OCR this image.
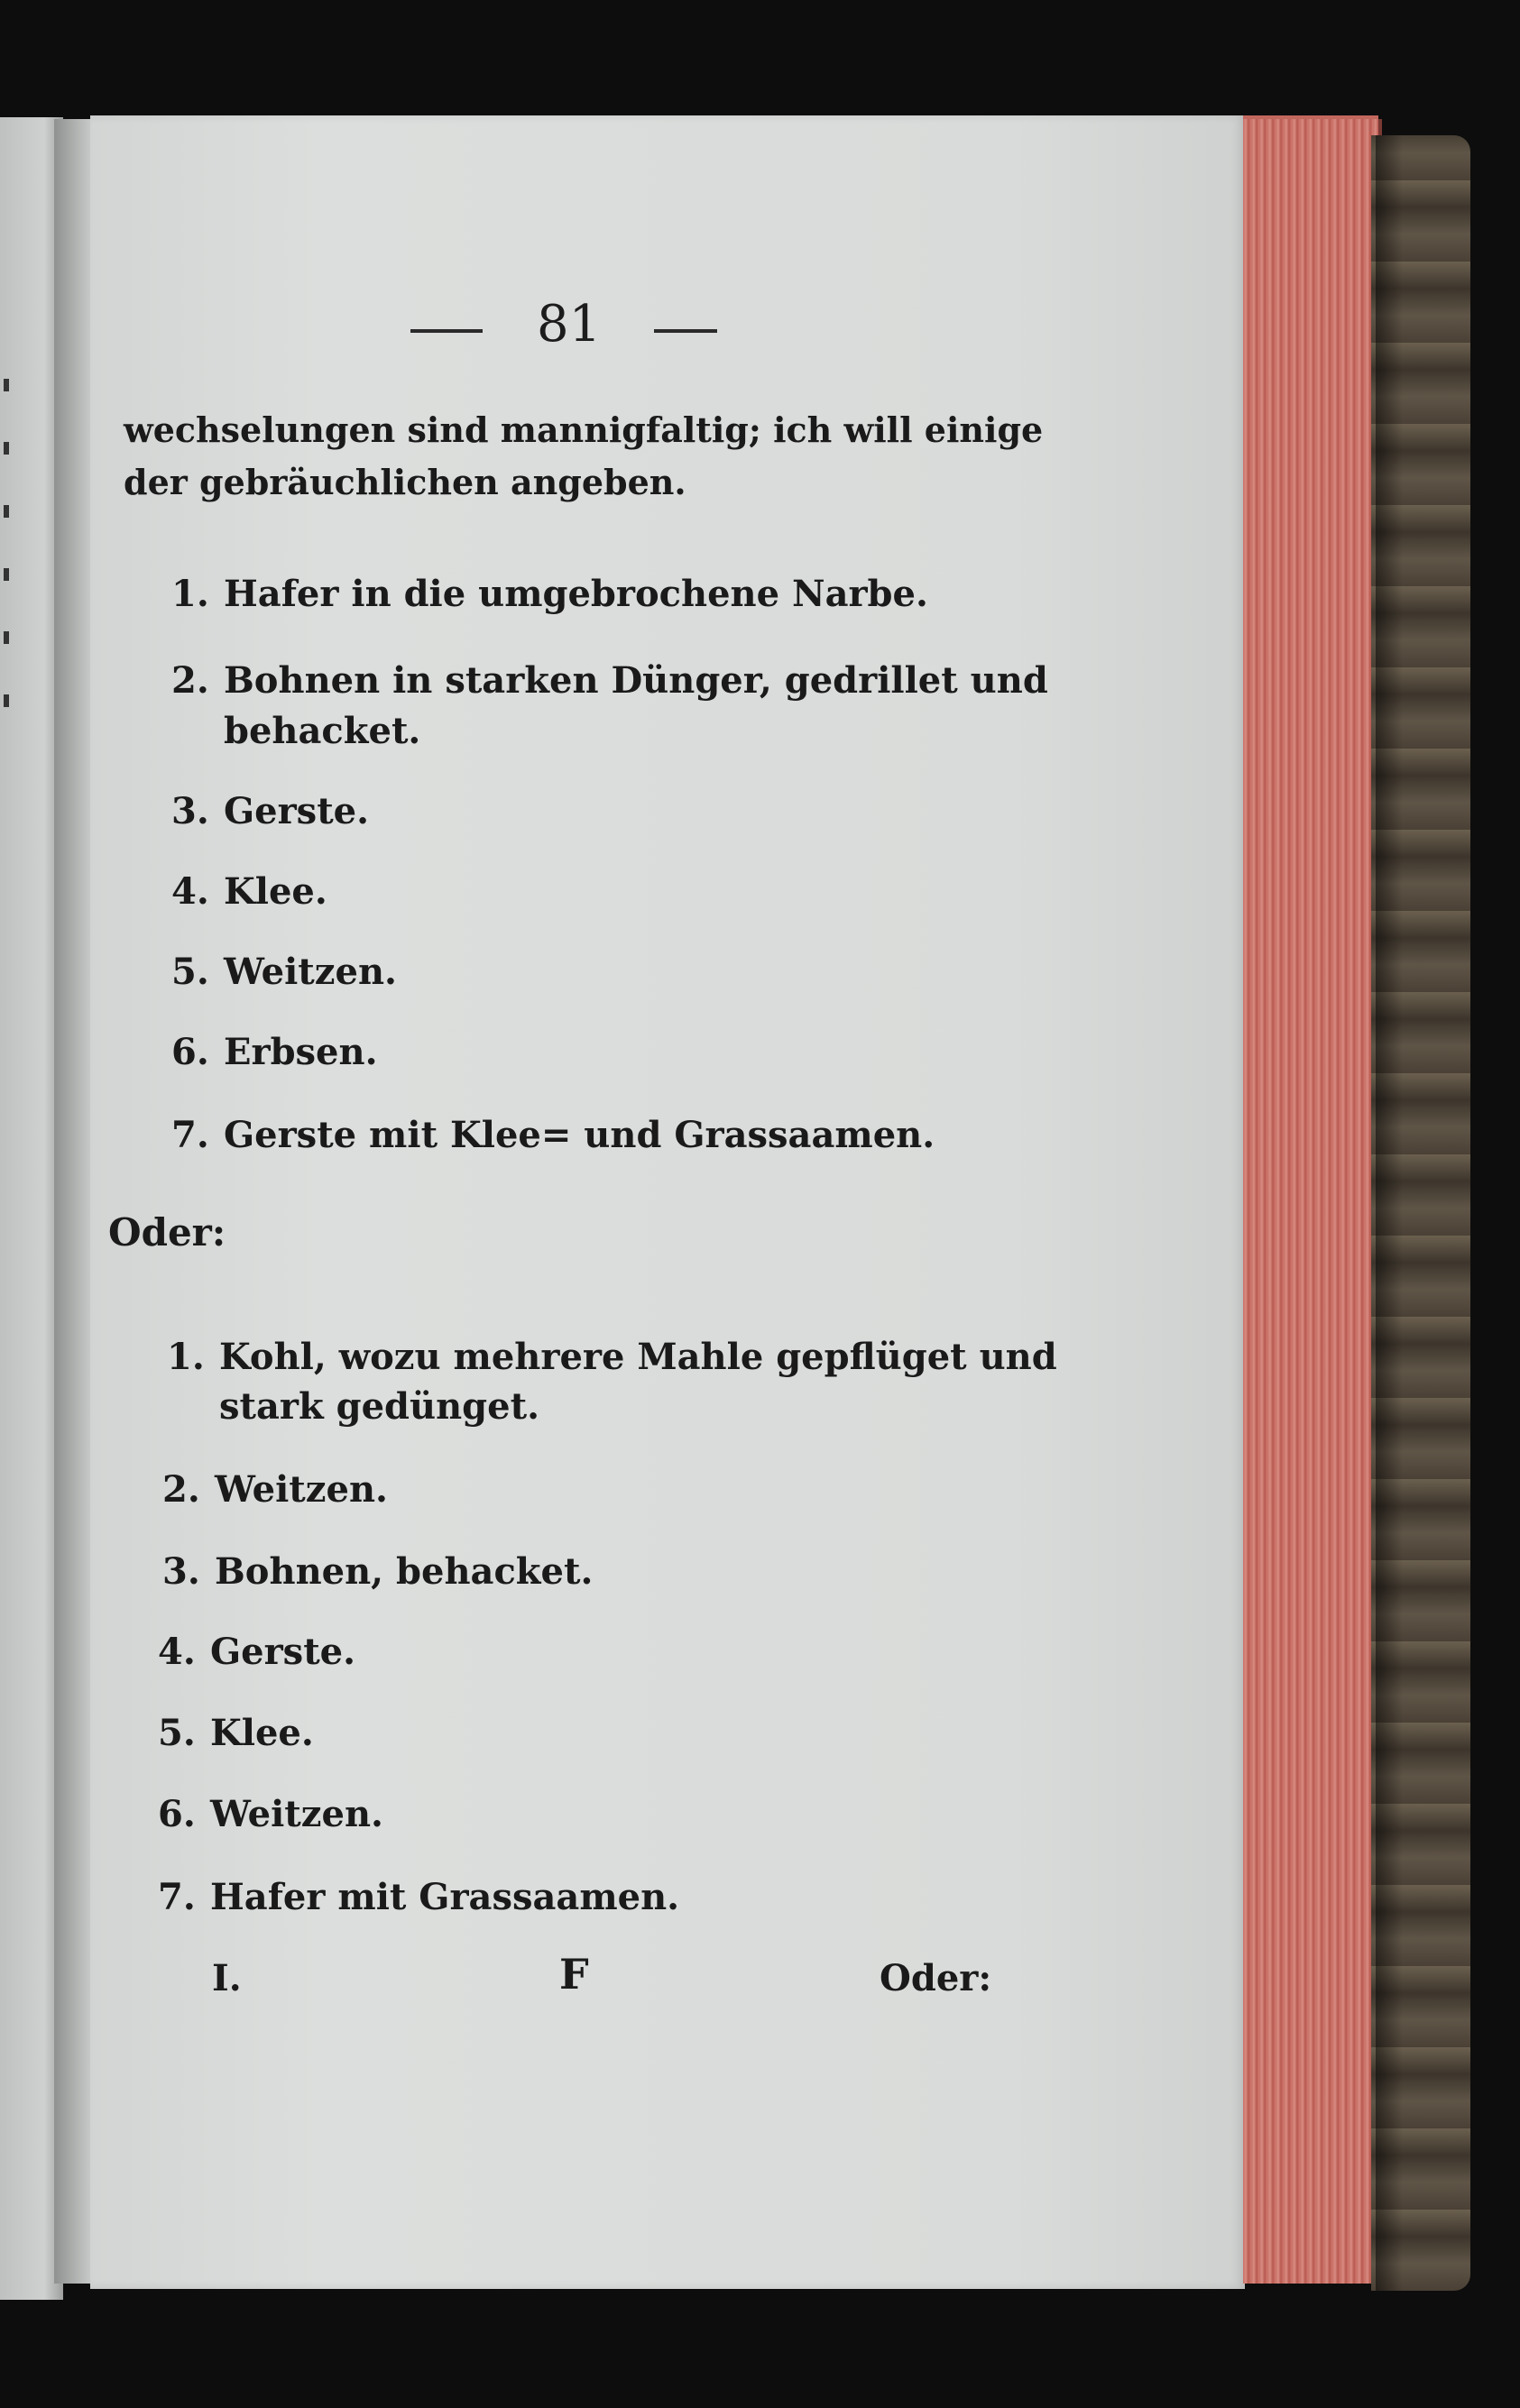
81
wechselungen sind mannigfaltig; ich will einige
der gebräuchlichen angeben.
1. Hafer in die umgebrochene Narbe.
2. Bohnen in starken Dünger, gedrillet und
behacket.
3. Gerste.
4. Klee.
5. Weitzen.
6. Erbsen.
7. Gerste mit Klee= und Grassaamen.
Oder:
1. Kohl, wozu mehrere Mahle gepflüget und
stark gedünget.
2. Weitzen.
3. Bohnen, behacket.
4. Gerste.
5. Klee.
6. Weitzen.
7. Hafer mit Grassaamen.
I.	F	Oder:
